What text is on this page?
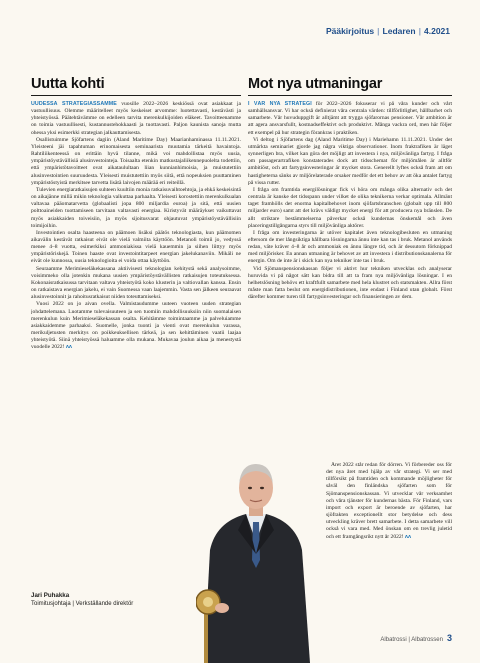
Pääkirjoitus | Ledaren | 4.2021
Uutta kohti	Mot nya utmaningar

UUDESSA STRATEGIASSAMME vuosille 2022–2026 keskiössä ovat asiakkaat ja vastuullisuus. Olemme määritelleet myös keskeiset arvomme: luotettavasti, kestävästi ja yhteistyössä. Päätehtävämme on edelleen tarvita merenkulkijoiden eläkeet. Tavoitteenamme on toimia vastuullisesti, kustannustehokkaasti ja tuottavasti. Paljon kaunista sanoja mutta ohessa yksi esimerkki strategian jalkauttamisesta.

Osallistuimme Sjöfartens dagiin (Aland Maritime Day) Maarianhaminassa 11.11.2021. Yleisteeni jäi tapahtuman erinomaisesta seminaarista muutamia tärkeitä havaintoja. Rahtiliikenteessä on erittäin hyvä tilanne, mikä voi mahdollistaa myös uusia, ympäristöystävällisiä alusinvestointeja. Toisaalta etenkin matkustajaliikennepuolelta todettiin, että ympäristötavoitteet ovat aikataulultaan liian kunnianhimoisia, ja muistutettiin alusinvestointien suuruudesta. Yleisesti muistutettiin myös siitä, että nopeuksien puuttaminen ympäristöstyistä merkitsee tarvetta lisätä laivojen määrää eri reiteillä.

Tulevien energiaratkaisujen suhteen kuultiin monia ratkaisuvaihtoehtoja, ja ehkä keskeisintä on aikajänne millä mikin teknologia valkuttaa parhaalta. Yleisesti korostettiin merenkulkualan valtavaa pääomatarvetta (globaalisti jopa 800 miljardia euroa) ja sitä, että uusien polttoaineiden tuottamiseen tarvitaan valtavasti energiaa. Kiristyvät määräykset vaikuttavat myös asiakkaiden toiveisiin, ja myös sijoitusvarat ohjautuvat ympäristöystävällisiin toimijoihin.

Investointien osalta haasteena on päämoen lisäksi päätös teknologiasta, kun päämomen aikavälin kestävät ratkaisut eivät ole vielä valmiita käyttöön. Metanoli toimii jo, vedyssä menee 4–8 vuotta, esimerkiksi ammoniakissa vielä kauemmin ja siihen liittyy myös ympäristöriskejä. Toinen haaste ovat investointitarpeet energian jakelukanaviin. Mikäli ne eivät ole kunnossa, uusia teknologioita ei voida ottaa käyttöön.

Seuraamme Merimieseläkekassana aktiivisesti teknologian kehitystä sekä analysoimme, voisimmeko olla jotenkin mukana uusien ympäristöystävällisten ratkaisujen toteutuksessa. Kokonaisratkaisussa tarvitaan valtava yhteistyötä koko klusterin ja valtiovallan kanssa. Ensin on ratkaistava energian jakelu, ei vain Suomessa vaan laajemmin. Vasta sen jälkeen seuraavat alusinvestoinnit ja rahoitusratkaisut niiden toteuttamiseksi.

Vuosi 2022 on jo aivan ovella. Valmistaudumme uuteen vuoteen uuden strategian johdattelemana. Luotamme tulevaisuuteen ja sen tuomiin mahdollisuuksiin niin suomalaisen merenkulun kuin Merimieseläkekassan osalta. Kehitämme toimintaamme ja palveluiamme asiakkaidemme parhaaksi. Suomelle, jonka tuonti ja vienti ovat merenkulun varassa, merikuljetusten merkitys on poikkeuksellisen tärkeä, ja sen kehittäminen vaatii laajaa yhteistyötä. Siinä yhteistyössä haluamme olla mukana. Mukavaa joulun aikaa ja menestystä vuodelle 2022! ʌʌ

Jari Puhakka
Toimitusjohtaja | Verkställande direktör

I VÅR NYA STRATEGI för 2022–2026 fokuserar vi på våra kunder och vårt samhällsansvar. Vi har också definierat våra centrala värden: tillförlitlighet, hållbarhet och samarbete. Vår huvuduppgift är alltjämt att trygga sjöfarornas pensioner. Vår ambition är att agera ansvarsfullt, kostnadseffektivt och produktivt. Många vackra ord, men här följer ett exempel på hur strategin förankras i praktiken.

Vi deltog i Sjöfartens dag (Aland Maritime Day) i Mariehamn 11.11.2021. Under det utmärkta seminariet gjorde jag några viktiga observationer. Inom fraktrafiken är läget synnerligen bra, vilket kan göra det möjligt att investera i nya, miljövänliga fartyg. I fråga om passagerartrafiken konstaterades dock att tidsschemat för miljömålen är alltför ambitiöst, och att fartygsinvesteringar är mycket stora. Generellt lyftes också fram att om hastigheterna sänks av miljörelaterade orsaker medför det ett behov av att öka antalet fartyg på vissa rutter.

I fråga om framtida energilösningar fick vi höra om många olika alternativ och det centrala är kanske det tidsspann under vilket de olika teknikerna verkar optimala. Allmänt taget framhölls det enorma kapitalbehovet inom sjöfartsbranschen (globalt upp till 800 miljarder euro) samt att det krävs väldigt mycket energi för att producera nya bränslen. De allt striktare bestämmelserna påverkar också kundernas önskemål och även placeringstillgångarna styrs till miljövänliga aktörer.

I fråga om investeringarna är utöver kapitalet även teknologibesluten en utmaning eftersom de mer långsiktiga hållbara lösningarna ännu inte kan tas i bruk. Metanol används redan, väte kräver 4–8 år och ammoniak en ännu längre tid, och är dessutom förknippad med miljörisker. En annan utmaning är behovet av att investera i distributionskanalerna för energin. Om de inte är i skick kan nya tekniker inte tas i bruk.

Vid Sjömanspensionskassan följer vi aktivt hur tekniken utvecklas och analyserar huruvida vi på något sätt kan bidra till att ta fram nya miljövänliga lösningar. I en helhetslösning behövs ett kraftfullt samarbete med hela klustret och statsmakten. Allra först måste man fatta beslut om energidistributionen, inte endast i Finland utan globalt. Först därefter kommer turen till fartygsinvesteringar och finansieringen av dem.

Året 2022 står redan för dörren. Vi förbereder oss för det nya året med hjälp av vår strategi. Vi ser med tillförsikt på framtiden och kommande möjligheter för såväl den finländska sjöfarten som för Sjömanspensionskassan. Vi utvecklar vår verksamhet och våra tjänster för kundernas bästa. För Finland, vars import och export är beroende av sjöfarten, har sjöfrakten exceptionellt stor betydelse och dess utveckling kräver brett samarbete. I detta samarbete vill också vi vara med. Med önskan om en trevlig juletid och ett framgångsrikt nytt år 2022! ʌʌ

Albatrossi | Albatrossen 3
